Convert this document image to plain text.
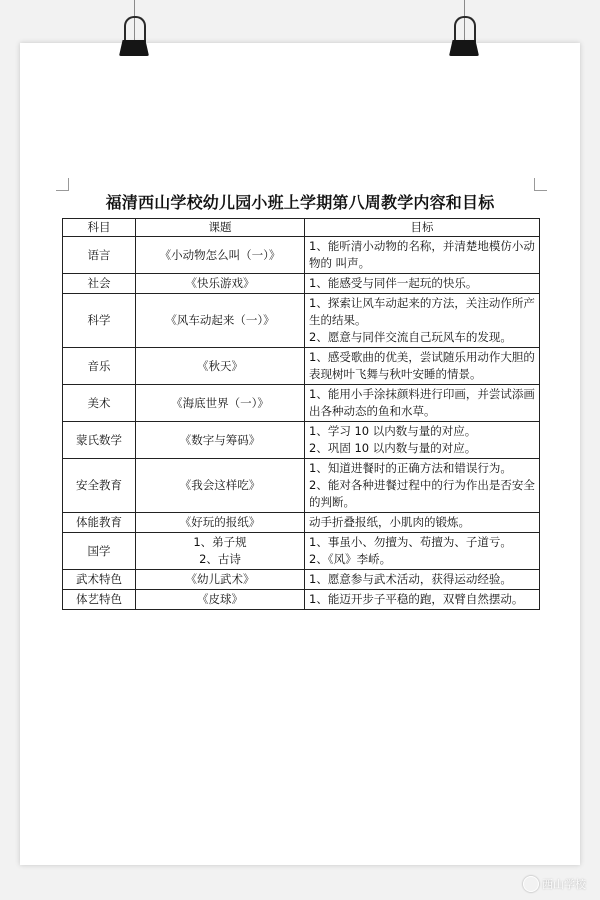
福清西山学校幼儿园小班上学期第八周教学内容和目标
科目	课题	目标
语言	《小动物怎么叫（一）》	1、能听清小动物的名称，并清楚地模仿小动物的 叫声。

社会	《快乐游戏》	1、能感受与同伴一起玩的快乐。

科学	《风车动起来（一）》	1、探索让风车动起来的方法，关注动作所产生的结果。
2、愿意与同伴交流自己玩风车的发现。

音乐	《秋天》	1、感受歌曲的优美，尝试随乐用动作大胆的表现树叶飞舞与秋叶安睡的情景。

美术	《海底世界（一）》	1、能用小手涂抹颜料进行印画，并尝试添画出各种动态的鱼和水草。

蒙氏数学	《数字与筹码》	1、学习 10 以内数与量的对应。
2、巩固 10 以内数与量的对应。

安全教育	《我会这样吃》	1、知道进餐时的正确方法和错误行为。
2、能对各种进餐过程中的行为作出是否安全的判断。

体能教育	《好玩的报纸》	动手折叠报纸，小肌肉的锻炼。

国学	1、弟子规
2、古诗	1、事虽小、勿擅为、苟擅为、子道亏。
2、《风》李峤。

武术特色	《幼儿武术》	1、愿意参与武术活动，获得运动经验。

体艺特色	《皮球》	1、能迈开步子平稳的跑，双臂自然摆动。
西山学校
